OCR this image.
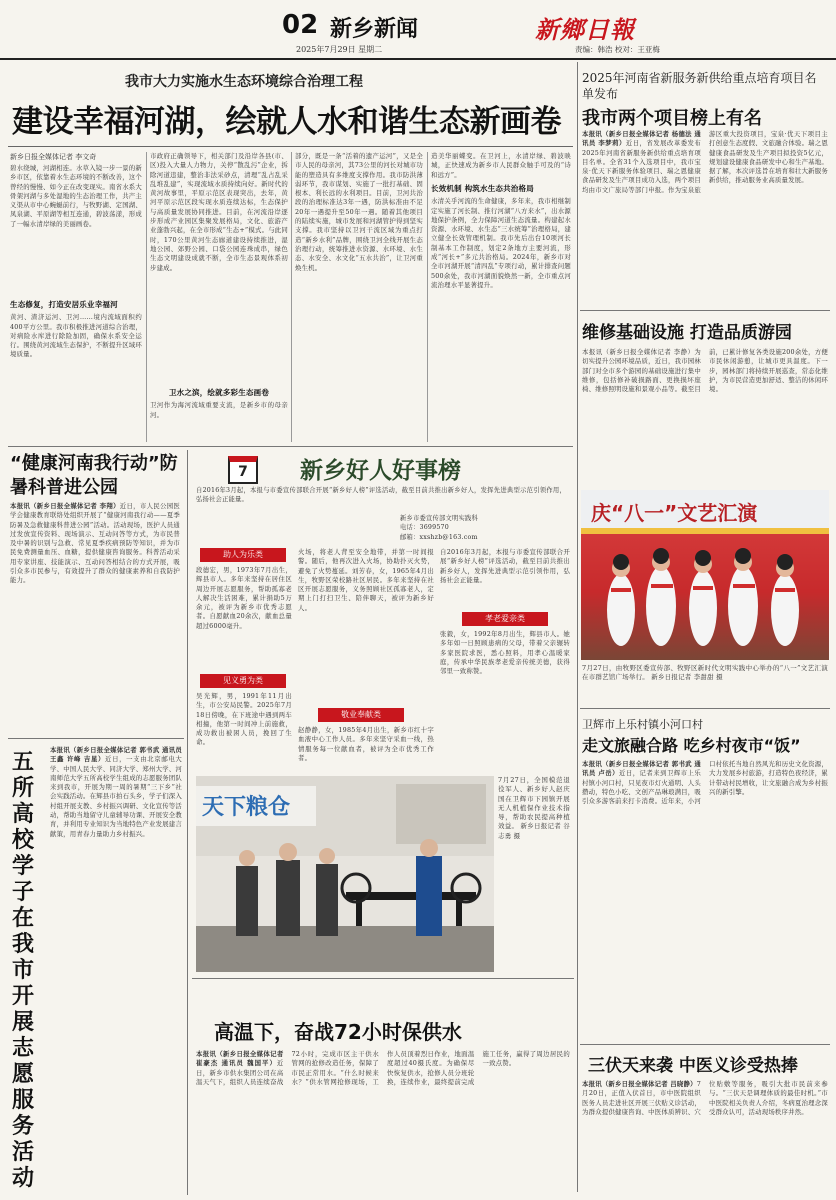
02 新乡新闻
2025年7月29日 星期二
新鄉日報
责编：韩浩 校对：王亚梅
我市大力实施水生态环境综合治理工程
建设幸福河湖，绘就人水和谐生态新画卷
新乡日报全媒体记者 李文奇
碧水绕城，河湖相连。水草入镜一步一景的新乡市区，依靠着水生态环境的不断改善，这个曾经的慢慢、如今正在改变现实。南省水系大骨架河湖与多处湿地的生态治理工作，共产主义渠从市中心蜿蜒前行，与牧野湖、定国湖、凤泉湖、平原湖等相互连通，碧波荡漾，形成了一幅水清岸绿的美丽画卷。
生态修复，打造安居乐业幸福河
黄河、渣济运河、卫河……境内流域面积约400平方公里。我市积极推进河道综合治理，对病险水库进行除险加固，确保水系安全运行。围绕黄河流域生态保护，不断提升区域环境质量。
市政府正确领导下，相关部门及沿岸各县(市、区)投入大量人力物力，关停“散乱污”企业，拆除河道违建，整治非法采砂点，清理“乱占乱采乱堆乱建”，实现流域水质持续向好。新时代的黄河故事里，平原示范区表现突出，去年，黄河平原示范区段实现水质连续达标，生态保护与高质量发展协同推进。目前，在河流沿岸逐步形成产业园区集聚发展格局，文化、旅游产业蓬勃兴起，在全市形成“生态+”模式。与此同时，170公里黄河生态廊道建设持续推进，湿地公园、郊野公园、口袋公园连珠成串，绿色生态文明建设成就不断，全市生态景观体系初步建成。
卫水之滨，绘就多彩生态画卷
卫河作为海河流域重要支流，是新乡市的母亲河。
部分，既是一条“活着的遗产运河”，又是全市人民的母亲河，其73公里的河长对城市功能的塑造具有多维度支撑作用。我市防洪薄弱环节，我市谋划、实施了一批打基础、固根本、利长远的水利项目。目前，卫河共治段的治理标准达3年一遇，防洪标准由不足20年一遇提升至50年一遇。随着其他项目的陆续实施，城市发展和河湖管护得到坚实支撑。我市坚持以卫河干流区域为重点打造“新乡水利”品牌，围绕卫河全线开展生态治理行动，统筹推进水资源、水环境、水生态、水安全、水文化“五水共治”，让卫河重焕生机。
造美华丽蝶变。在卫河上，水清岸绿、碧波映城，正快速成为新乡市人民群众触手可及的“诗和远方”。
长效机制 构筑水生态共治格局
水清关乎河流的生命健康，多年来，我市相继制定实施了河长制、推行河湖“八方来水”，出水源地保护条例，全力保障河道生态流量。构建起水资源、水环境、水生态“三水统筹”治理格局，建立健全长效管理机制。我市先后出台10项河长制基本工作制度，划定2条地方主要河流，形成“河长+”多元共治格局。2024年，新乡市对全市河湖开展“清四乱”专项行动，累计排查问题500余处，我市河湖面貌焕然一新，全市重点河流治理水平显著提升。
2025年河南省新服务新供给重点培育项目名单发布
我市两个项目榜上有名
本报讯（新乡日报全媒体记者 杨德法 通讯员 李梦莉）近日，省发展改革委发布2025年河南省新服务新供给重点培育项目名单。全省31个入选项目中，我市宝泉·优天下新服务体验项目、瑞之恩健康食品研发及生产项目成功入选，两个项目均由市文广旅局等部门申报。作为宝泉旅游区重大投资项目，宝泉·优天下项目主打创意生态度假、文旅融合体验。瑞之恩健康食品研发及生产项目拟投资5亿元，规划建设健康食品研发中心和生产基地。据了解，本次评选旨在培育和壮大新服务新供给，推动服务业高质量发展。
维修基础设施 打造品质游园
本报讯（新乡日报全媒体记者 李静）为切实提升公园环境品质，近日，我市园林部门对全市多个游园的基础设施进行集中维修，包括修补破损路面、更换损坏座椅、维修照明设施和景观小品等。截至目前，已累计修复各类设施200余处，方便市民休闲游憩，让城市更具温度。下一步，园林部门将持续开展巡查，常态化维护，为市民营造更加舒适、整洁的休闲环境。
庆“八一”文艺汇演
7月27日，由牧野区委宣传部、牧野区新时代文明实践中心举办的“八一”文艺汇演在市群艺馆广场举行。 新乡日报记者 李甜甜 摄
卫辉市上乐村镇小河口村
走文旅融合路 吃乡村夜市“饭”
本报讯（新乡日报全媒体记者 郭书武 通讯员 卢岳）近日，记者来到卫辉市上乐村镇小河口村，只见夜市灯火通明、人头攒动，特色小吃、文创产品琳琅满目，吸引众多游客前来打卡消费。近年来，小河口村依托当地自然风光和历史文化资源，大力发展乡村旅游，打造特色夜经济，累计带动村民增收，让文旅融合成为乡村振兴的新引擎。
三伏天来袭 中医义诊受热捧
本报讯（新乡日报全媒体记者 吕晓静）7月20日，正值入伏首日，市中医院组织医务人员走进社区开展三伏贴义诊活动，为群众提供健康咨询、中医体质辨识、穴位贴敷等服务，吸引大批市民前来参与。“三伏天是调理体质的最佳时机。”市中医院相关负责人介绍，冬病夏治理念深受群众认可，活动现场秩序井然。
“健康河南我行动”防暑科普进公园
本报讯（新乡日报全媒体记者 李翔）近日，市人民公园医学会健康教育联络处组织开展了“健康河南我行动——夏季防暑及急救健康科普进公园”活动。活动现场，医护人员通过发放宣传资料、现场演示、互动问答等方式，为市民普及中暑的识别与急救、常见夏季疾病预防等知识，并为市民免费测量血压、血糖，提供健康咨询服务。科普活动采用专家讲座、技能演示、互动问答相结合的方式开展，吸引众多市民参与，有效提升了群众的健康素养和自我防护能力。
五所高校学子在我市开展志愿服务活动
本报讯（新乡日报全媒体记者 郭书武 通讯员 王鑫 许峰 吉星）近日，一支由北京邮电大学、中国人民大学、同济大学、郑州大学、河南师范大学五所高校学生组成的志愿服务团队来到我市，开展为期一周的暑期“三下乡”社会实践活动。在辉县市拍石头乡，学子们深入村组开展支教、乡村振兴调研、文化宣传等活动，帮助当地留守儿童辅导功课、开展安全教育，并利用专业知识为当地特色产业发展建言献策，用青春力量助力乡村振兴。
7	新乡好人好事榜
自2016年3月起，本报与市委宣传部联合开展“新乡好人榜”评选活动，截至目前共推出新乡好人，发挥先进典型示范引领作用，弘扬社会正能量。
新乡市委宣传部文明实践科
电话：3699570
邮箱：xxshzb@163.com
助人为乐类
段德宏，男，1973年7月出生，辉县市人。多年来坚持在居住区周边开展志愿服务，帮助孤寡老人解决生活困难，累计捐助5万余元，被评为新乡市优秀志愿者。自愿献血20余次，献血总量超过6000毫升。
见义勇为类
吴光辉，男，1991年11月出生，市公安局民警。2025年7月18日傍晚，在下班途中遇到两车相撞，他第一时间冲上前施救，成功救出被困人员，挽回了生命。
火场，将老人背至安全地带，并第一时间报警。随后，他再次进入火场，协助扑灭火势，避免了火势蔓延。刘芳春，女，1965年4月出生，牧野区荣校路社区居民。多年来坚持在社区开展志愿服务，义务照顾社区孤寡老人，定期上门打扫卫生、陪伴聊天，被评为新乡好人。
敬业奉献类
赵静静，女，1985年4月出生，新乡市红十字血液中心工作人员。多年来坚守采血一线，热情服务每一位献血者，被评为全市优秀工作者。
孝老爱亲类
张毅，女，1992年8月出生，辉县市人。她多年如一日照顾患病的父母，带着父亲辗转多家医院求医，悉心照料，用孝心温暖家庭，传承中华民族孝老爱亲传统美德，获得邻里一致称赞。
自2016年3月起，本报与市委宣传部联合开展“新乡好人榜”评选活动，截至目前共推出新乡好人，发挥先进典型示范引领作用，弘扬社会正能量。
天下粮仓
7月27日，全国模范退役军人、新乡好人赵庆国在卫辉市下园镇开展无人机植保作业技术指导，帮助农民提高种植效益。 新乡日报记者 谷志勇 摄
高温下，奋战72小时保供水
本报讯（新乡日报全媒体记者 崔豪杰 通讯员 魏国平）近日，新乡市供水集团公司在高温天气下，组织人员连续奋战72小时，完成市区主干供水管网的抢修改造任务，保障了市民正常用水。“什么时候来水？”供水管网抢修现场，工作人员顶着烈日作业，地面温度超过40摄氏度。为确保尽快恢复供水，抢修人员分班轮换，连续作业，最终提前完成施工任务，赢得了周边居民的一致点赞。
